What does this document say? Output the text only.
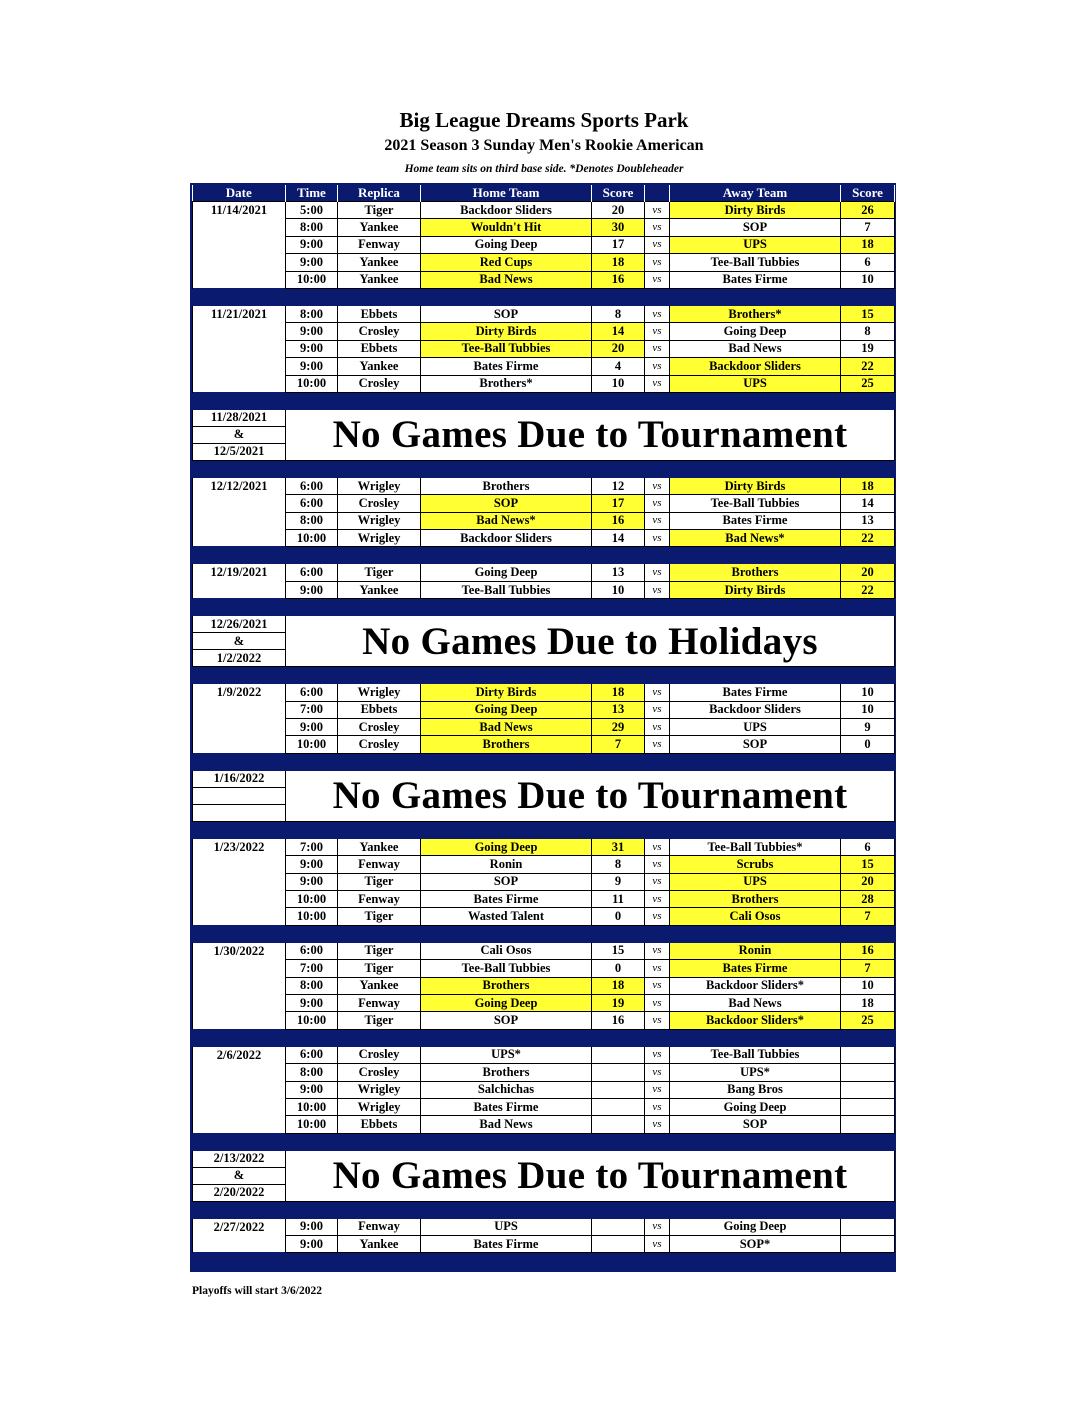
Big League Dreams Sports Park
2021 Season 3 Sunday Men's Rookie American
Home team sits on third base side. *Denotes Doubleheader
Date	Time	Replica	Home Team	Score		Away Team	Score
11/14/2021	5:00	Tiger	Backdoor Sliders	20	vs	Dirty Birds	26
	8:00	Yankee	Wouldn't Hit	30	vs	SOP	7
	9:00	Fenway	Going Deep	17	vs	UPS	18
	9:00	Yankee	Red Cups	18	vs	Tee-Ball Tubbies	6
	10:00	Yankee	Bad News	16	vs	Bates Firme	10

11/21/2021	8:00	Ebbets	SOP	8	vs	Brothers*	15
	9:00	Crosley	Dirty Birds	14	vs	Going Deep	8
	9:00	Ebbets	Tee-Ball Tubbies	20	vs	Bad News	19
	9:00	Yankee	Bates Firme	4	vs	Backdoor Sliders	22
	10:00	Crosley	Brothers*	10	vs	UPS	25

11/28/2021	No Games Due to Tournament						
&							
12/5/2021							

12/12/2021	6:00	Wrigley	Brothers	12	vs	Dirty Birds	18
	6:00	Crosley	SOP	17	vs	Tee-Ball Tubbies	14
	8:00	Wrigley	Bad News*	16	vs	Bates Firme	13
	10:00	Wrigley	Backdoor Sliders	14	vs	Bad News*	22

12/19/2021	6:00	Tiger	Going Deep	13	vs	Brothers	20
	9:00	Yankee	Tee-Ball Tubbies	10	vs	Dirty Birds	22

12/26/2021	No Games Due to Holidays						
&							
1/2/2022							

1/9/2022	6:00	Wrigley	Dirty Birds	18	vs	Bates Firme	10
	7:00	Ebbets	Going Deep	13	vs	Backdoor Sliders	10
	9:00	Crosley	Bad News	29	vs	UPS	9
	10:00	Crosley	Brothers	7	vs	SOP	0

1/16/2022	No Games Due to Tournament						

1/23/2022	7:00	Yankee	Going Deep	31	vs	Tee-Ball Tubbies*	6
	9:00	Fenway	Ronin	8	vs	Scrubs	15
	9:00	Tiger	SOP	9	vs	UPS	20
	10:00	Fenway	Bates Firme	11	vs	Brothers	28
	10:00	Tiger	Wasted Talent	0	vs	Cali Osos	7

1/30/2022	6:00	Tiger	Cali Osos	15	vs	Ronin	16
	7:00	Tiger	Tee-Ball Tubbies	0	vs	Bates Firme	7
	8:00	Yankee	Brothers	18	vs	Backdoor Sliders*	10
	9:00	Fenway	Going Deep	19	vs	Bad News	18
	10:00	Tiger	SOP	16	vs	Backdoor Sliders*	25

2/6/2022	6:00	Crosley	UPS*		vs	Tee-Ball Tubbies	
	8:00	Crosley	Brothers		vs	UPS*	
	9:00	Wrigley	Salchichas		vs	Bang Bros	
	10:00	Wrigley	Bates Firme		vs	Going Deep	
	10:00	Ebbets	Bad News		vs	SOP	

2/13/2022	No Games Due to Tournament						
&							
2/20/2022							

2/27/2022	9:00	Fenway	UPS		vs	Going Deep	
	9:00	Yankee	Bates Firme		vs	SOP*	

Playoffs will start 3/6/2022
